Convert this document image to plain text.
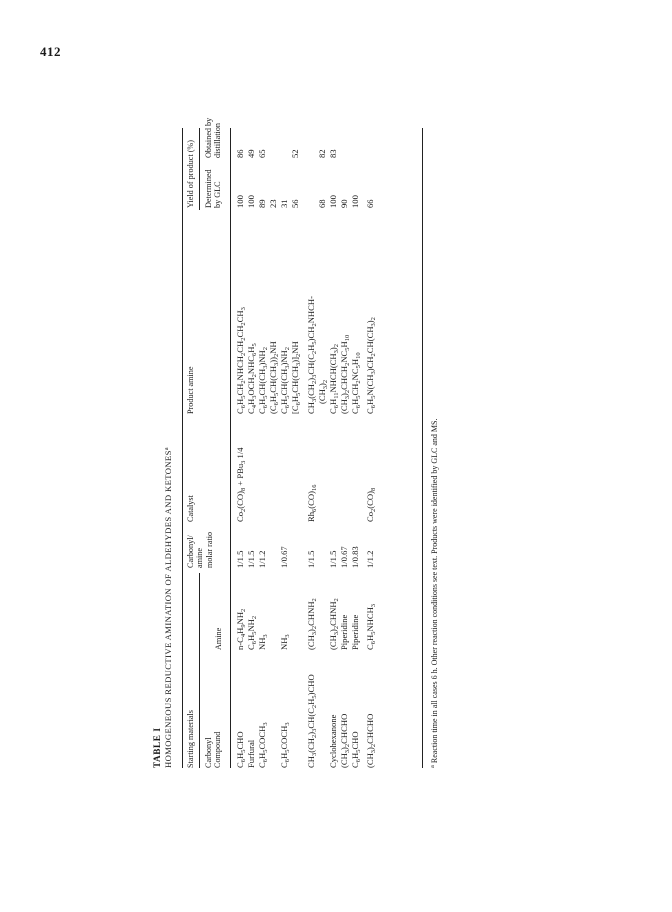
412
TABLE I HOMOGENEOUS REDUCTIVE AMINATION OF ALDEHYDES AND KETONES$^a$
Starting materials
Carbonyl/ amine molar ratio
Catalyst
Product amine
Yield of product (%)
Carbonyl Compound
Amine
Determined by GLC
Obtained by distillation
$C_6H_5CHO$
$n-C_4H_9NH_2$
1/1.5
$Co_2(CO)_8 + PBu_3$ 1/4
$C_6H_5CH_2NHCH_2CH_2CH_2CH_3$
100
86
Furfural
$C_6H_5NH_2$
1/1.5
$C_4H_3OCH_2NHC_6H_5$
100
49
$C_6H_5COCH_3$
$NH_3$
1/1.2
$C_6H_5CH(CH_3)NH_2$
89
65
$(C_6H_5CH(CH_3))_2NH$
23
$C_6H_5COCH_3$
$NH_3$
1/0.67
$C_6H_5CH(CH_3)NH_2$
31
$[C_6H_5CH(CH_3)]_2NH$
56
52
$CH_3(CH_2)_3CH(C_2H_5)CHO$
$(CH_3)_2CHNH_2$
1/1.5
$Rh_6(CO)_{16}$
$CH_3(CH_2)_3CH(C_2H_5)CH_2NHCH-$
$(CH_3)_2$
68
82
Cyclohexanone
$(CH_3)_2CHNH_2$
1/1.5
$C_6H_{11}NHCH(CH_3)_2$
100
83
$(CH_3)_2CHCHO$
Piperidine
1/0.67
$(CH_3)_2CHCH_2NC_5H_{10}$
90
$C_6H_5CHO$
Piperidine
1/0.83
$C_6H_5CH_2NC_5H_{10}$
100
$(CH_3)_2CHCHO$
$C_6H_5NHCH_3$
1/1.2
$Co_2(CO)_8$
$C_6H_5N(CH_3)CH_2CH(CH_3)_2$
66
$^a$ Reaction time in all cases 6 h. Other reaction conditions see text. Products were identified by GLC and MS.
